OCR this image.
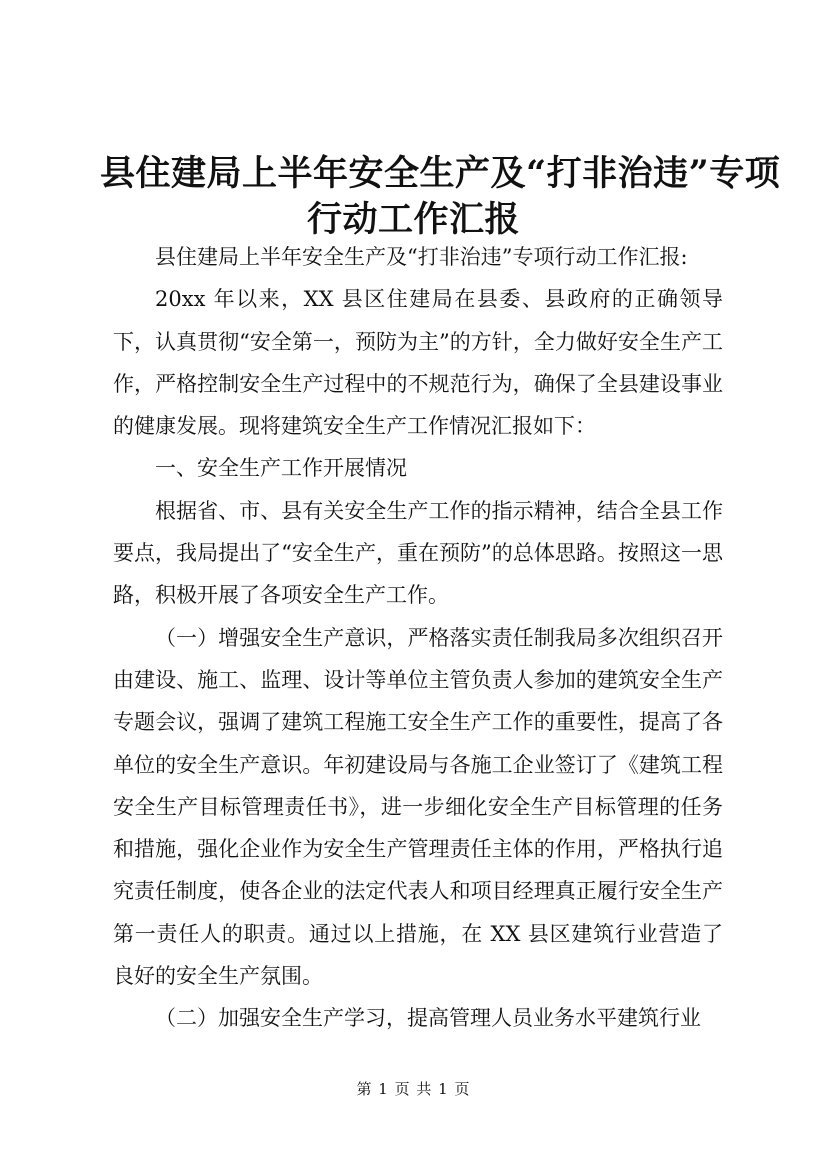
县住建局上半年安全生产及“打非治违”专项
行动工作汇报

县住建局上半年安全生产及“打非治违”专项行动工作汇报:

20xx 年以来，XX 县区住建局在县委、县政府的正确领导下，认真贯彻“安全第一，预防为主”的方针，全力做好安全生产工作，严格控制安全生产过程中的不规范行为，确保了全县建设事业的健康发展。现将建筑安全生产工作情况汇报如下：

一、安全生产工作开展情况

根据省、市、县有关安全生产工作的指示精神，结合全县工作要点，我局提出了“安全生产，重在预防”的总体思路。按照这一思路，积极开展了各项安全生产工作。

（一）增强安全生产意识，严格落实责任制我局多次组织召开由建设、施工、监理、设计等单位主管负责人参加的建筑安全生产专题会议，强调了建筑工程施工安全生产工作的重要性，提高了各单位的安全生产意识。年初建设局与各施工企业签订了《建筑工程安全生产目标管理责任书》，进一步细化安全生产目标管理的任务和措施，强化企业作为安全生产管理责任主体的作用，严格执行追究责任制度，使各企业的法定代表人和项目经理真正履行安全生产第一责任人的职责。通过以上措施，在 XX 县区建筑行业营造了良好的安全生产氛围。

（二）加强安全生产学习，提高管理人员业务水平建筑行业

第 1 页 共 1 页
